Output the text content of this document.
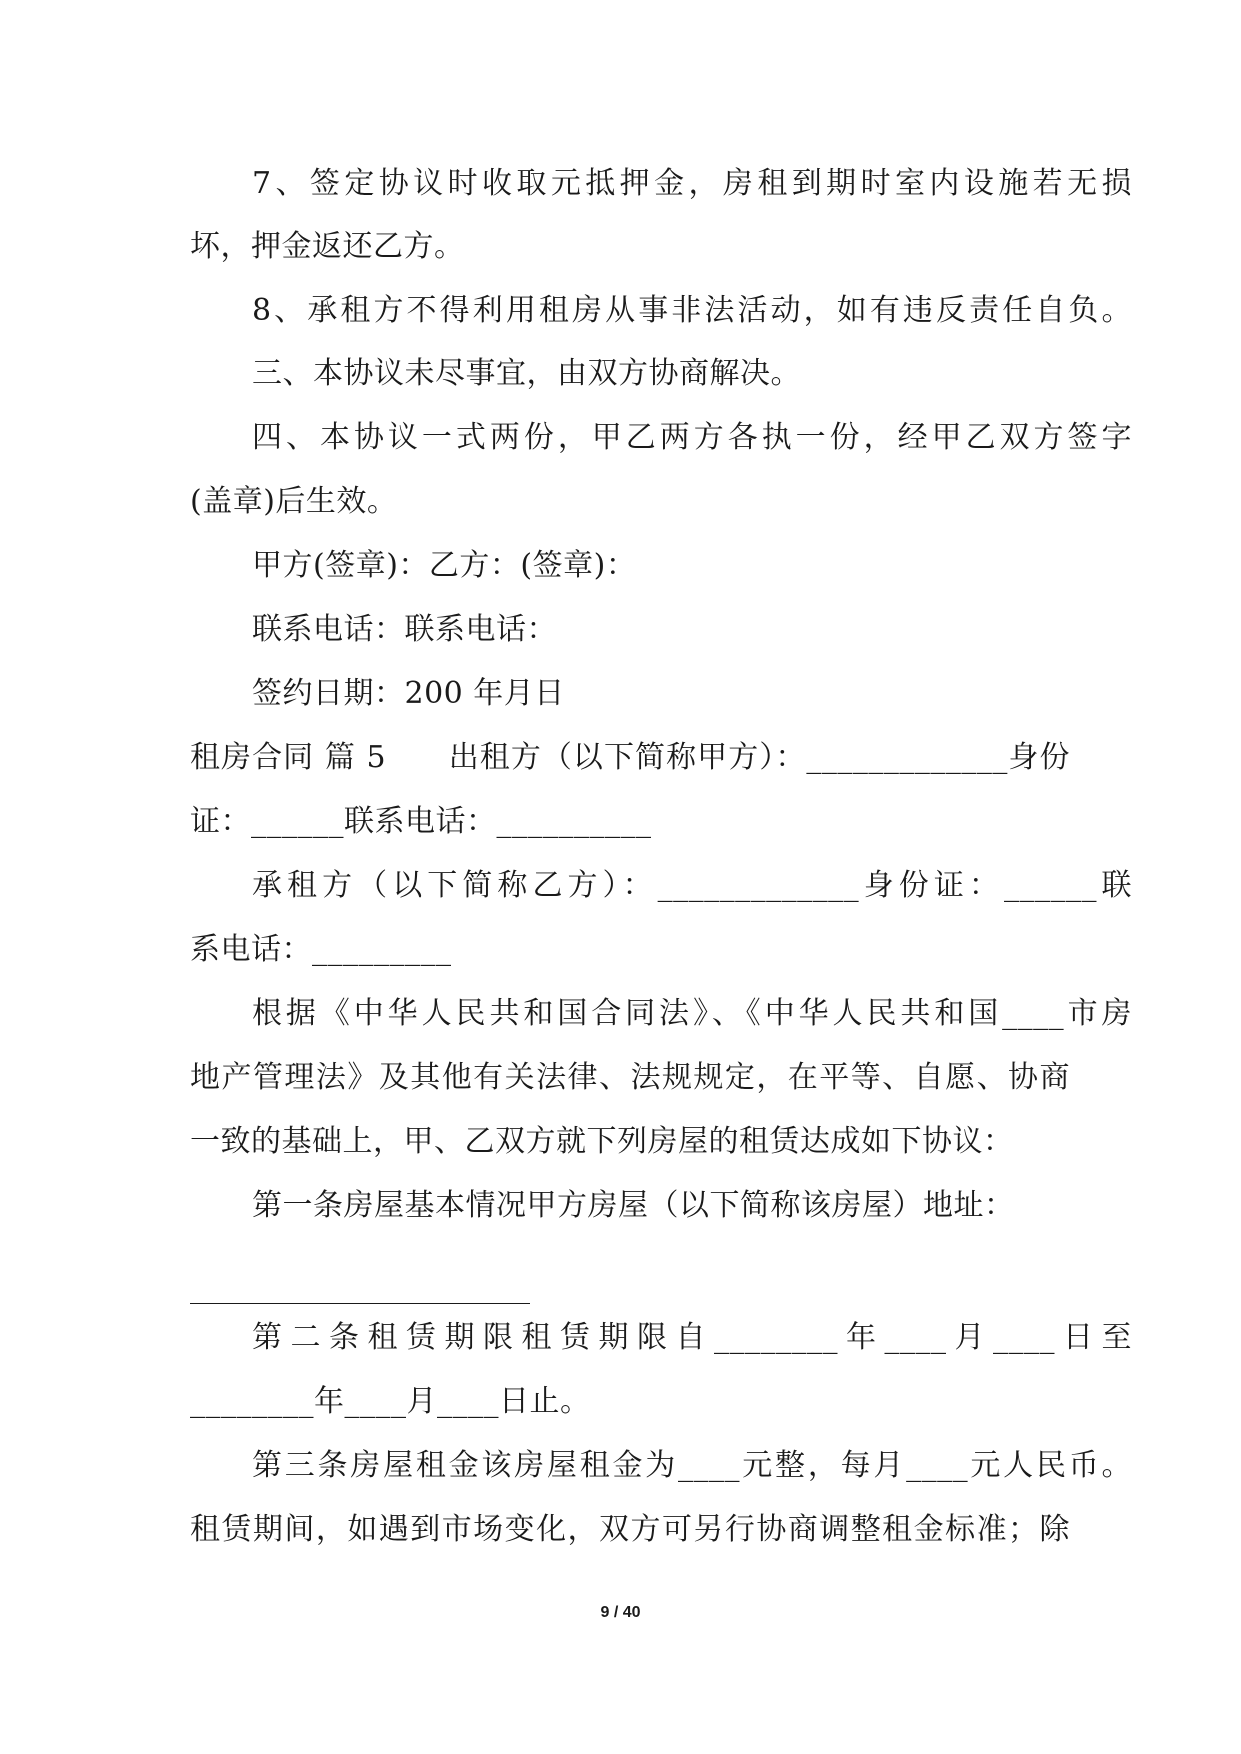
7、签定协议时收取元抵押金，房租到期时室内设施若无损
坏，押金返还乙方。
8、承租方不得利用租房从事非法活动，如有违反责任自负。
三、本协议未尽事宜，由双方协商解决。
四、本协议一式两份，甲乙两方各执一份，经甲乙双方签字
(盖章)后生效。
甲方(签章)：乙方：(签章)：
联系电话：联系电话：
签约日期：200 年月日
租房合同 篇 5　　出租方（以下简称甲方）：_____________身份
证：______联系电话：__________
承租方（以下简称乙方）：_____________身份证：______联
系电话：_________
根据《中华人民共和国合同法》、《中华人民共和国____市房
地产管理法》及其他有关法律、法规规定，在平等、自愿、协商
一致的基础上，甲、乙双方就下列房屋的租赁达成如下协议：
第一条房屋基本情况甲方房屋（以下简称该房屋）地址：
第二条租赁期限租赁期限自________年____月____日至
________年____月____日止。
第三条房屋租金该房屋租金为____元整，每月____元人民币。
租赁期间，如遇到市场变化，双方可另行协商调整租金标准；除
9 / 40
